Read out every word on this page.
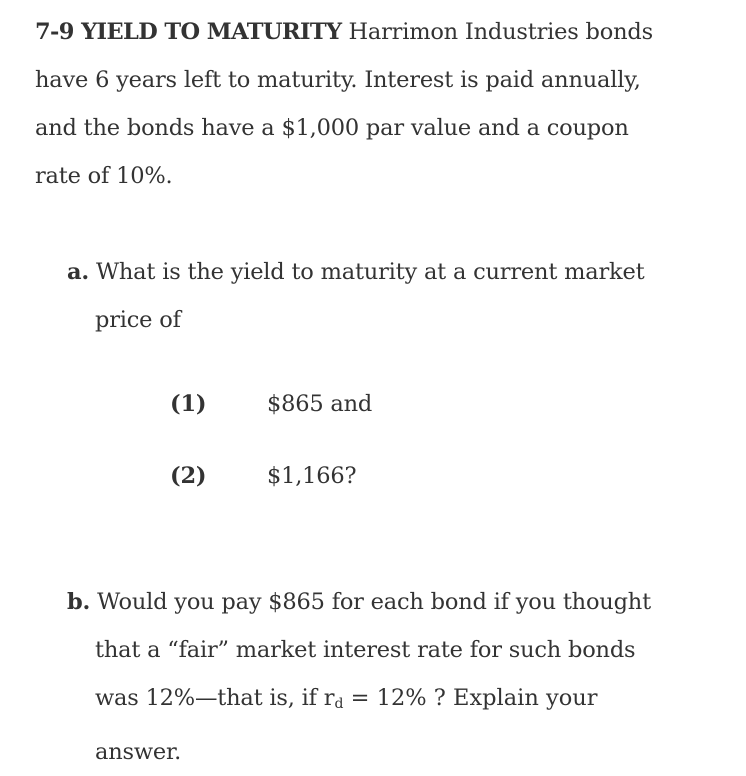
7-9 YIELD TO MATURITY Harrimon Industries bonds
have 6 years left to maturity. Interest is paid annually,
and the bonds have a $1,000 par value and a coupon
rate of 10%.
a. What is the yield to maturity at a current market
price of
(1)	$865 and
(2)	$1,166?
b. Would you pay $865 for each bond if you thought
that a “fair” market interest rate for such bonds
was 12%—that is, if $r_d = 12\%$ ? Explain your
answer.
